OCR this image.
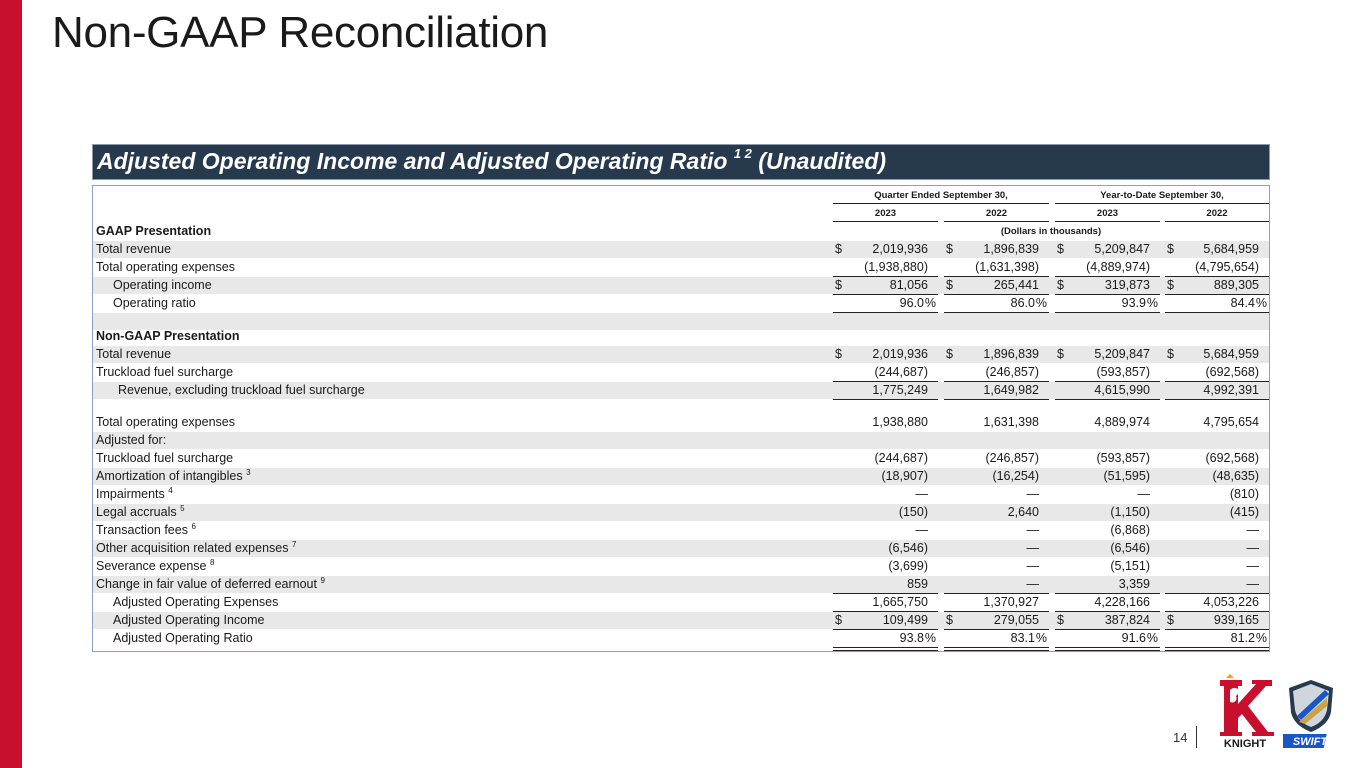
Non-GAAP Reconciliation
Adjusted Operating Income and Adjusted Operating Ratio $^{1 2}$ (Unaudited)
Quarter Ended September 30,	Year-to-Date September 30,
2023	2022	2023	2022
GAAP Presentation	(Dollars in thousands)
Total revenue	$ 2,019,936 $ 1,896,839 $ 5,209,847 $ 5,684,959
Total operating expenses	(1,938,880)	(1,631,398)	(4,889,974)	(4,795,654)
Operating income	$	81,056 $	265,441 $	319,873 $	889,305
Operating ratio	96.0 %	86.0 %	93.9 %	84.4 %
Non-GAAP Presentation
Total revenue	$ 2,019,936 $ 1,896,839 $ 5,209,847 $ 5,684,959
Truckload fuel surcharge	(244,687)	(246,857)	(593,857)	(692,568)
Revenue, excluding truckload fuel surcharge	1,775,249	1,649,982	4,615,990	4,992,391
Total operating expenses	1,938,880	1,631,398	4,889,974	4,795,654
Adjusted for:
Truckload fuel surcharge	(244,687)	(246,857)	(593,857)	(692,568)
Amortization of intangibles $^3$	(18,907)	(16,254)	(51,595)	(48,635)
Impairments $^4$	—	—	—	(810)
Legal accruals $^5$	(150)	2,640	(1,150)	(415)
Transaction fees $^6$	—	—	(6,868)	—
Other acquisition related expenses $^7$	(6,546)	—	(6,546)	—
Severance expense $^8$	(3,699)	—	(5,151)	—
Change in fair value of deferred earnout $^9$	859	—	3,359	—
Adjusted Operating Expenses	1,665,750	1,370,927	4,228,166	4,053,226
Adjusted Operating Income	$	109,499 $	279,055 $	387,824 $	939,165
Adjusted Operating Ratio	93.8 %	83.1 %	91.6 %	81.2 %
14	KNIGHT SWIFT
